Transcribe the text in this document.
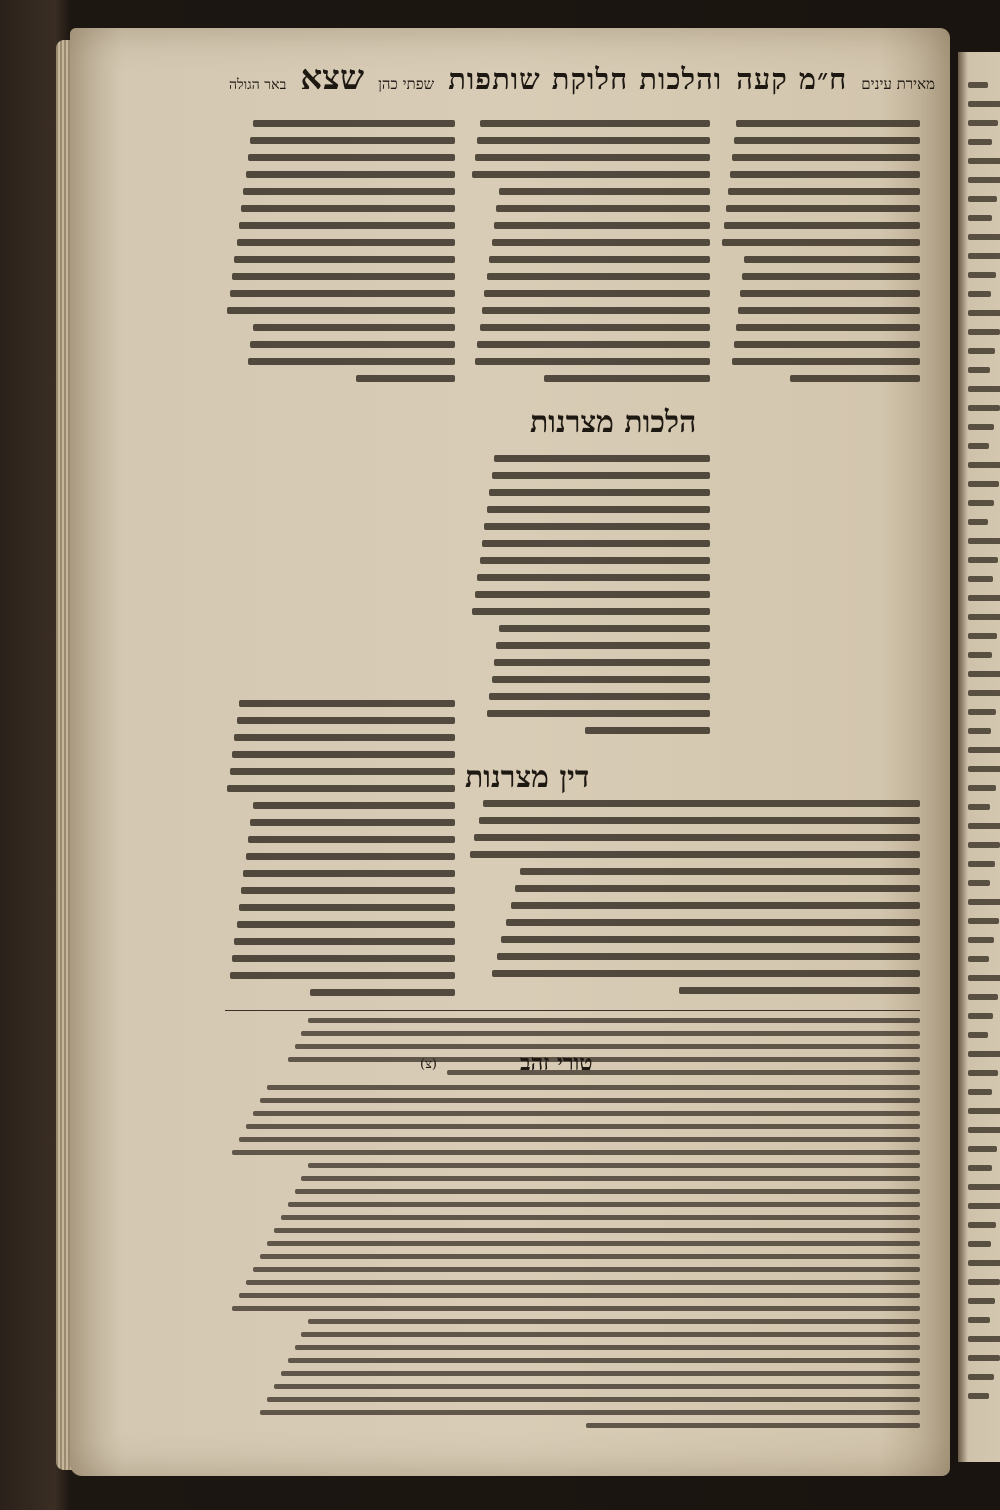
מאירת עינים
ח״מ קעה
והלכות חלוקת שותפות
שפתי כהן
שצא
באר הגולה
הלכות מצרנות
דין מצרנות
טורי זהב
(צ)
